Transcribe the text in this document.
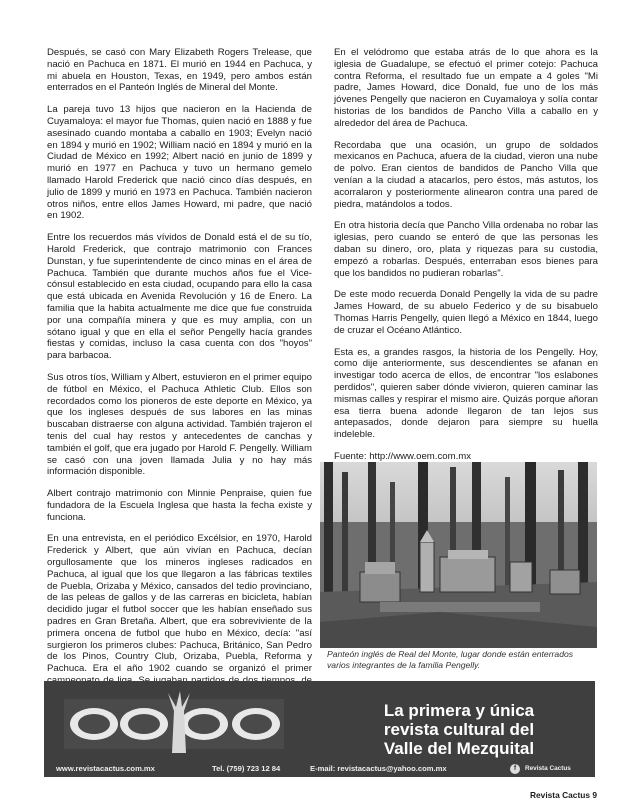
Después, se casó con Mary Elizabeth Rogers Trelease, que nació en Pachuca en 1871. El murió en 1944 en Pachuca, y mi abuela en Houston, Texas, en 1949, pero ambos están enterrados en el Panteón Inglés de Mineral del Monte.

La pareja tuvo 13 hijos que nacieron en la Hacienda de Cuyamaloya: el mayor fue Thomas, quien nació en 1888 y fue asesinado cuando montaba a caballo en 1903; Evelyn nació en 1894 y murió en 1902; William nació en 1894 y murió en la Ciudad de México en 1992; Albert nació en junio de 1899 y murió en 1977 en Pachuca y tuvo un hermano gemelo llamado Harold Frederick que nació cinco días después, en julio de 1899 y murió en 1973 en Pachuca. También nacieron otros niños, entre ellos James Howard, mi padre, que nació en 1902.

Entre los recuerdos más vívidos de Donald está el de su tío, Harold Frederick, que contrajo matrimonio con Frances Dunstan, y fue superintendente de cinco minas en el área de Pachuca. También que durante muchos años fue el Vice-cónsul establecido en esta ciudad, ocupando para ello la casa que está ubicada en Avenida Revolución y 16 de Enero. La familia que la habita actualmente me dice que fue construida por una compañía minera y que es muy amplia, con un sótano igual y que en ella el señor Pengelly hacía grandes fiestas y comidas, incluso la casa cuenta con dos "hoyos" para barbacoa.

Sus otros tíos, William y Albert, estuvieron en el primer equipo de fútbol en México, el Pachuca Athletic Club. Ellos son recordados como los pioneros de este deporte en México, ya que los ingleses después de sus labores en las minas buscaban distraerse con alguna actividad. También trajeron el tenis del cual hay restos y antecedentes de canchas y también el golf, que era jugado por Harold F. Pengelly. William se casó con una joven llamada Julia y no hay más información disponible.

Albert contrajo matrimonio con Minnie Penpraise, quien fue fundadora de la Escuela Inglesa que hasta la fecha existe y funciona.

En una entrevista, en el periódico Excélsior, en 1970, Harold Frederick y Albert, que aún vivían en Pachuca, decían orgullosamente que los mineros ingleses radicados en Pachuca, al igual que los que llegaron a las fábricas textiles de Puebla, Orizaba y México, cansados del tedio provinciano, de las peleas de gallos y de las carreras en bicicleta, habían decidido jugar el futbol soccer que les habían enseñado sus padres en Gran Bretaña. Albert, que era sobreviviente de la primera oncena de futbol que hubo en México, decía: "así surgieron los primeros clubes: Pachuca, Británico, San Pedro de los Pinos, Country Club, Orizaba, Puebla, Reforma y Pachuca. Era el año 1902 cuando se organizó el primer

En el velódromo que estaba atrás de lo que ahora es la iglesia de Guadalupe, se efectuó el primer cotejo: Pachuca contra Reforma, el resultado fue un empate a 4 goles "Mi padre, James Howard, dice Donald, fue uno de los más jóvenes Pengelly que nacieron en Cuyamaloya y solía contar historias de los bandidos de Pancho Villa a caballo en y alrededor del área de Pachuca.

Recordaba que una ocasión, un grupo de soldados mexicanos en Pachuca, afuera de la ciudad, vieron una nube de polvo. Eran cientos de bandidos de Pancho Villa que venían a la ciudad a atacarlos, pero éstos, más astutos, los acorralaron y posteriormente alinearon contra una pared de piedra, matándolos a todos.

En otra historia decía que Pancho Villa ordenaba no robar las iglesias, pero cuando se enteró de que las personas les daban su dinero, oro, plata y riquezas para su custodia, empezó a robarlas. Después, enterraban esos bienes para que los bandidos no pudieran robarlas".

De este modo recuerda Donald Pengelly la vida de su padre James Howard, de su abuelo Federico y de su bisabuelo Thomas Harris Pengelly, quien llegó a México en 1844, luego de cruzar el Océano Atlántico.

Esta es, a grandes rasgos, la historia de los Pengelly. Hoy, como dije anteriormente, sus descendientes se afanan en investigar todo acerca de ellos, de encontrar "los eslabones perdidos", quieren saber dónde vivieron, quieren caminar las mismas calles y respirar el mismo aire. Quizás porque añoran esa tierra buena adonde llegaron de tan lejos sus antepasados, donde dejaron para siempre su huella indeleble.

Fuente: http://www.oem.com.mx

Panteón inglés de Real del Monte, lugar donde están enterrados varios integrantes de la familia Pengelly.
La primera y única
revista cultural del
Valle del Mezquital
www.revistacactus.com.mx	Tel. (759) 723 12 84	E-mail: revistacactus@yahoo.com.mx	f	Revista Cactus
Revista Cactus 9
